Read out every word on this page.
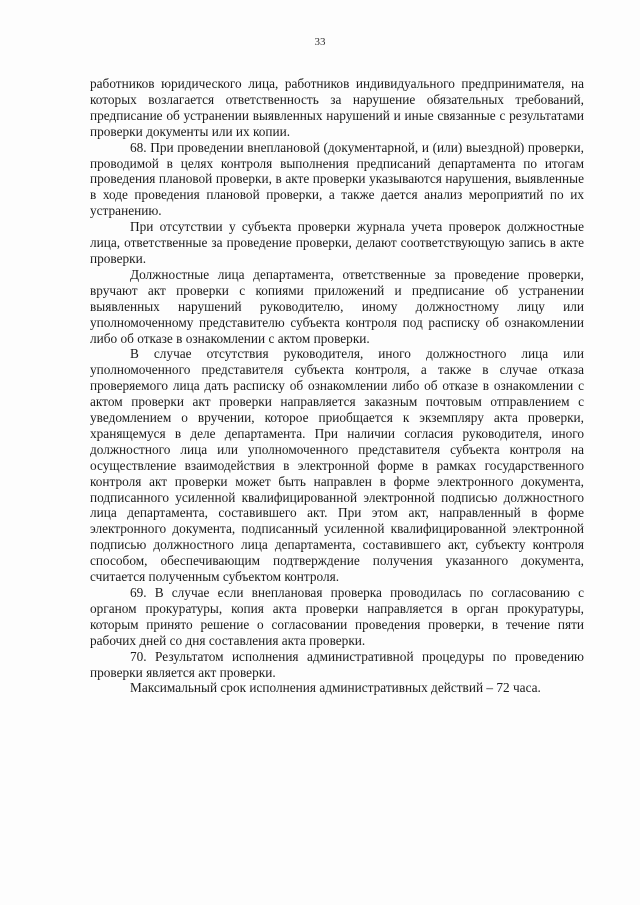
33

работников юридического лица, работников индивидуального предпринимателя, на которых возлагается ответственность за нарушение обязательных требований, предписание об устранении выявленных нарушений и иные связанные с результатами проверки документы или их копии.

68. При проведении внеплановой (документарной, и (или) выездной) проверки, проводимой в целях контроля выполнения предписаний департамента по итогам проведения плановой проверки, в акте проверки указываются нарушения, выявленные в ходе проведения плановой проверки, а также дается анализ мероприятий по их устранению.

При отсутствии у субъекта проверки журнала учета проверок должностные лица, ответственные за проведение проверки, делают соответствующую запись в акте проверки.

Должностные лица департамента, ответственные за проведение проверки, вручают акт проверки с копиями приложений и предписание об устранении выявленных нарушений руководителю, иному должностному лицу или уполномоченному представителю субъекта контроля под расписку об ознакомлении либо об отказе в ознакомлении с актом проверки.

В случае отсутствия руководителя, иного должностного лица или уполномоченного представителя субъекта контроля, а также в случае отказа проверяемого лица дать расписку об ознакомлении либо об отказе в ознакомлении с актом проверки акт проверки направляется заказным почтовым отправлением с уведомлением о вручении, которое приобщается к экземпляру акта проверки, хранящемуся в деле департамента. При наличии согласия руководителя, иного должностного лица или уполномоченного представителя субъекта контроля на осуществление взаимодействия в электронной форме в рамках государственного контроля акт проверки может быть направлен в форме электронного документа, подписанного усиленной квалифицированной электронной подписью должностного лица департамента, составившего акт. При этом акт, направленный в форме электронного документа, подписанный усиленной квалифицированной электронной подписью должностного лица департамента, составившего акт, субъекту контроля способом, обеспечивающим подтверждение получения указанного документа, считается полученным субъектом контроля.

69. В случае если внеплановая проверка проводилась по согласованию с органом прокуратуры, копия акта проверки направляется в орган прокуратуры, которым принято решение о согласовании проведения проверки, в течение пяти рабочих дней со дня составления акта проверки.

70. Результатом исполнения административной процедуры по проведению проверки является акт проверки.

Максимальный срок исполнения административных действий – 72 часа.
